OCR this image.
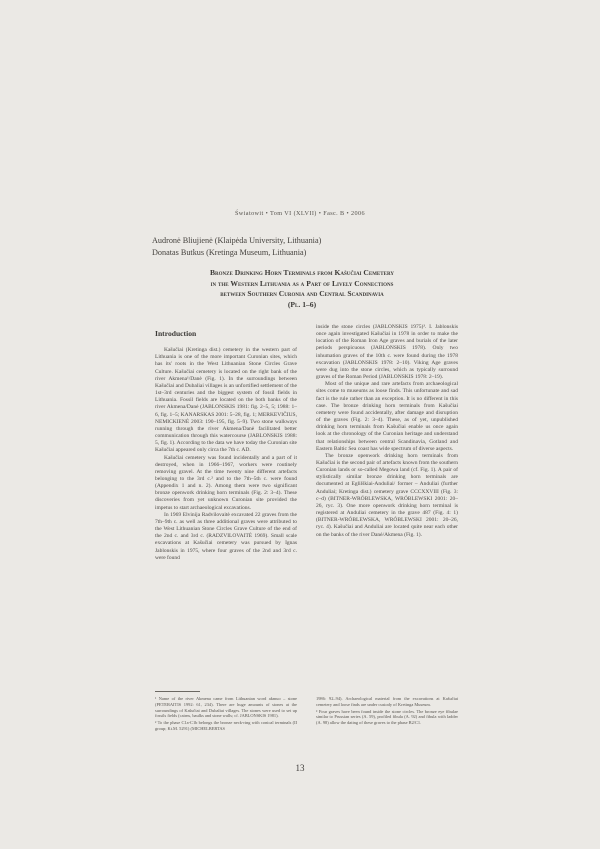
Światowit • Tom VI (XLVII) • Fasc. B • 2006
Audronė Bliujienė (Klaipėda University, Lithuania)
Donatas Butkus (Kretinga Museum, Lithuania)
Bronze Drinking Horn Terminals from Kašučiai Cemetery
in the Western Lithuania as a Part of Lively Connections
between Southern Curonia and Central Scandinavia
(Pl. 1–6)
Introduction

Kašučiai (Kretinga dist.) cemetery in the western part of Lithuania is one of the more important Curonian sites, which has its' roots in the West Lithuanian Stone Circles Grave Culture. Kašučiai cemetery is located on the right bank of the river Akmena¹/Danė (Fig. 1). In the surroundings between Kašučiai and Dubaliai villages is an unfortified settlement of the 1st–3rd centuries and the biggest system of fossil fields in Lithuania. Fossil fields are located on the both banks of the river Akmena/Danė (JABLONSKIS 1981: fig. 2–5, 5; 1988: 1–6, fig. 1–5; KANARSKAS 2001: 5–28, fig. 1; MERKEVIČIUS, NEMICKIENĖ 2003: 190–195, fig. 5–9). Two stone walkways running through the river Akmena/Danė facilitated better communication through this watercourse (JABLONSKIS 1988: 5, fig. 1). According to the data we have today the Curonian site Kašučiai appeared only circa the 7th c. AD.

Kašučiai cemetery was found incidentally and a part of it destroyed, when in 1966–1967, workers were routinely removing gravel. At the time twenty nine different artefacts belonging to the 3rd c.² and to the 7th–5th c. were found (Appendix 1 and n. 2). Among them were two significant bronze openwork drinking horn terminals (Fig. 2: 3–4). These discoveries from yet unknown Curonian site provided the impetus to start archaeological excavations.

In 1969 Elvinija Radvilovaitė excavated 22 graves from the 7th–9th c. as well as three additional graves were attributed to the West Lithuanian Stone Circles Grave Culture of the end of the 2nd c. and 3rd c. (RADZVILOVAITĖ 1969). Small scale excavations at Kašučiai cemetery was pursued by Ignas Jablonskis in 1975, where four graves of the 2nd and 3rd c. were found

inside the stone circles (JABLONSKIS 1975)³. I. Jablonskis once again investigated Kašučiai in 1978 in order to make the location of the Roman Iron Age graves and burials of the later periods perspicuous (JABLONSKIS 1978). Only two inhumation graves of the 10th c. were found during the 1978 excavation (JABLONSKIS 1978: 2–10). Viking Age graves were dug into the stone circles, which as typically surround graves of the Roman Period (JABLONSKIS 1978: 2–19).

Most of the unique and rare artefacts from archaeological sites come to museums as loose finds. This unfortunate and sad fact is the rule rather than an exception. It is no different in this case. The bronze drinking horn terminals from Kašučiai cemetery were found accidentally, after damage and disruption of the graves (Fig. 2: 3–4). These, as of yet, unpublished drinking horn terminals from Kašučiai enable us once again look at the chronology of the Curonian heritage and understand that relationships between central Scandinavia, Gotland and Eastern Baltic Sea coast has wide spectrum of diverse aspects.

The bronze openwork drinking horn terminals from Kašučiai is the second pair of artefacts known from the southern Curonian lands or so-called Megowa land (cf. Fig. 1). A pair of stylistically similar bronze drinking horn terminals are documented at Eglilškiai-Anduliai/ former – Anduliai (further Anduliai; Kretinga dist.) cemetery grave CCCXXVIII (Fig. 3: c–d) (BITNER-WRÓBLEWSKA, WRÓBLEWSKI 2001: 20–26, ryc. 3). One more openwork drinking horn terminal is registered at Anduliai cemetery in the grave 487 (Fig. 4: 1) (BITNER-WRÓBLEWSKA, WRÓBLEWSKI 2001: 20–26, ryc. 4). Kašučiai and Anduliai are located quite near each other on the banks of the river Danė/Akmena (Fig. 1).

¹ Name of the river Akmena came from Lithuanian word akmuo – stone (PETERAITIS 1992: 61, 234). There are huge amounts of stones at the surroundings of Kašučiai and Dubaliai villages. The stones were used to set up fossils fields (cairns, baulks and stone walls; cf. JABLONSKIS 1981).

² To the phase C1a-C1b belongs the bronze neck-ring with conical terminals (II group; Kt.M. 5291) (MICHELBERTAS

1986: 92–94). Archaeological material from the excavations at Kašučiai cemetery and loose finds are under custody of Kretinga Museum.

³ Four graves have been found inside the stone circles. The bronze eye fibulae similar to Prussian series (A. 59), profiled fibula (A. 92) and fibula with ladder (A. 98) allow the dating of these graves to the phase B2/C1.

13
